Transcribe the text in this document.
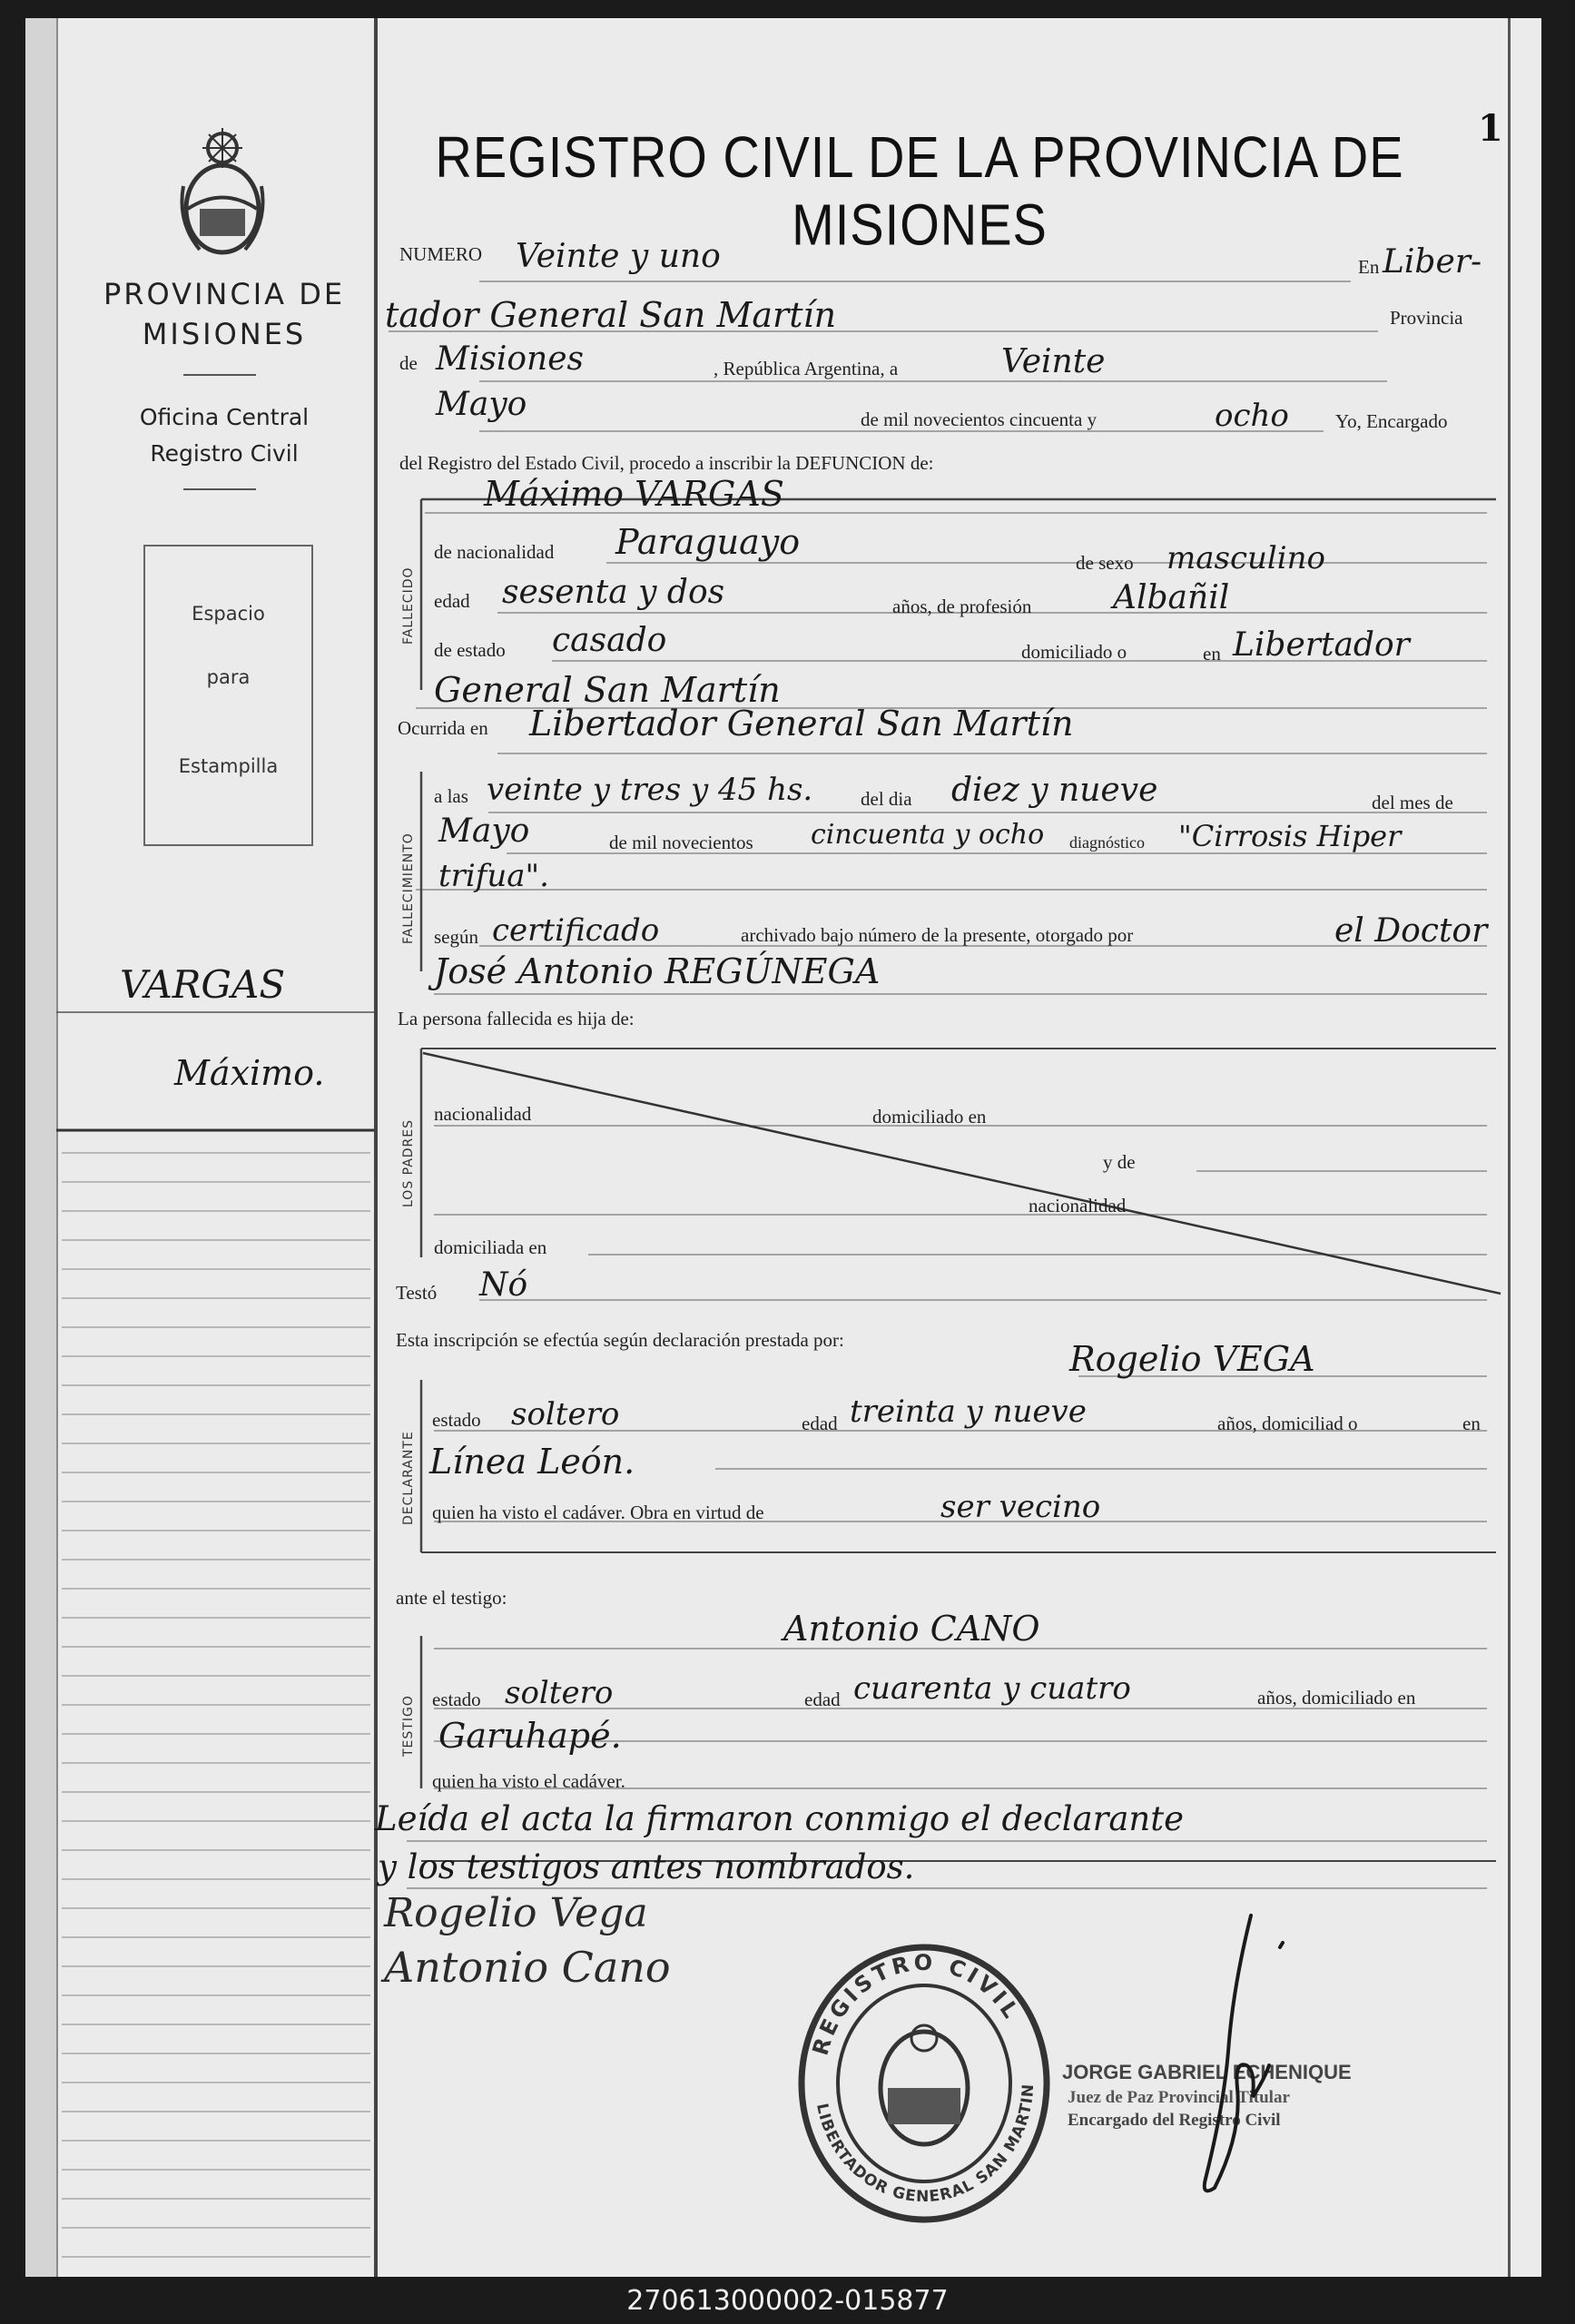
PROVINCIA DE MISIONES
Oficina Central
Registro Civil
Espacio
para
Estampilla
VARGAS
Máximo.
REGISTRO CIVIL DE LA PROVINCIA DE MISIONES
1
FALLECIDO
FALLECIMIENTO
LOS PADRES
DECLARANTE
TESTIGO
NUMERO Veinte y uno	En Liber-
tador General San Martín	Provincia
de Misiones	, República Argentina, a	Veinte
Mayo	de mil novecientos cincuenta y	ocho Yo, Encargado
del Registro del Estado Civil, procedo a inscribir la DEFUNCION de:
Máximo VARGAS
de nacionalidad Paraguayo
de sexo masculino
edad sesenta y dos	años, de profesión Albañil
de estado casado	domiciliado o	en Libertador
General San Martín
Ocurrida en Libertador General San Martín
a las veinte y tres y 45 hs.	del dia diez y nueve	del mes de
Mayo	de mil novecientos cincuenta y ocho diagnóstico "Cirrosis Hiper
trifua".
según certificado	archivado bajo número de la presente, otorgado por	el Doctor
José Antonio REGÚNEGA
La persona fallecida es hija de:
nacionalidad	domiciliado en
y de
nacionalidad
domiciliada en
Testó Nó
Esta inscripción se efectúa según declaración prestada por:	Rogelio VEGA
estado soltero	edad treinta y nueve	años, domiciliad o	en
Línea León.
quien ha visto el cadáver. Obra en virtud de	ser vecino
ante el testigo:
Antonio CANO
estado soltero	edad cuarenta y cuatro	años, domiciliado en
Garuhapé.
quien ha visto el cadáver.
Leída el acta la firmaron conmigo el declarante
y los testigos antes nombrados.
Rogelio Vega
Antonio Cano
REGISTRO CIVIL
LIBERTADOR GENERAL SAN MARTIN
JORGE GABRIEL ECHENIQUE
Juez de Paz Provincial Titular
Encargado del Registro Civil
270613000002-015877
